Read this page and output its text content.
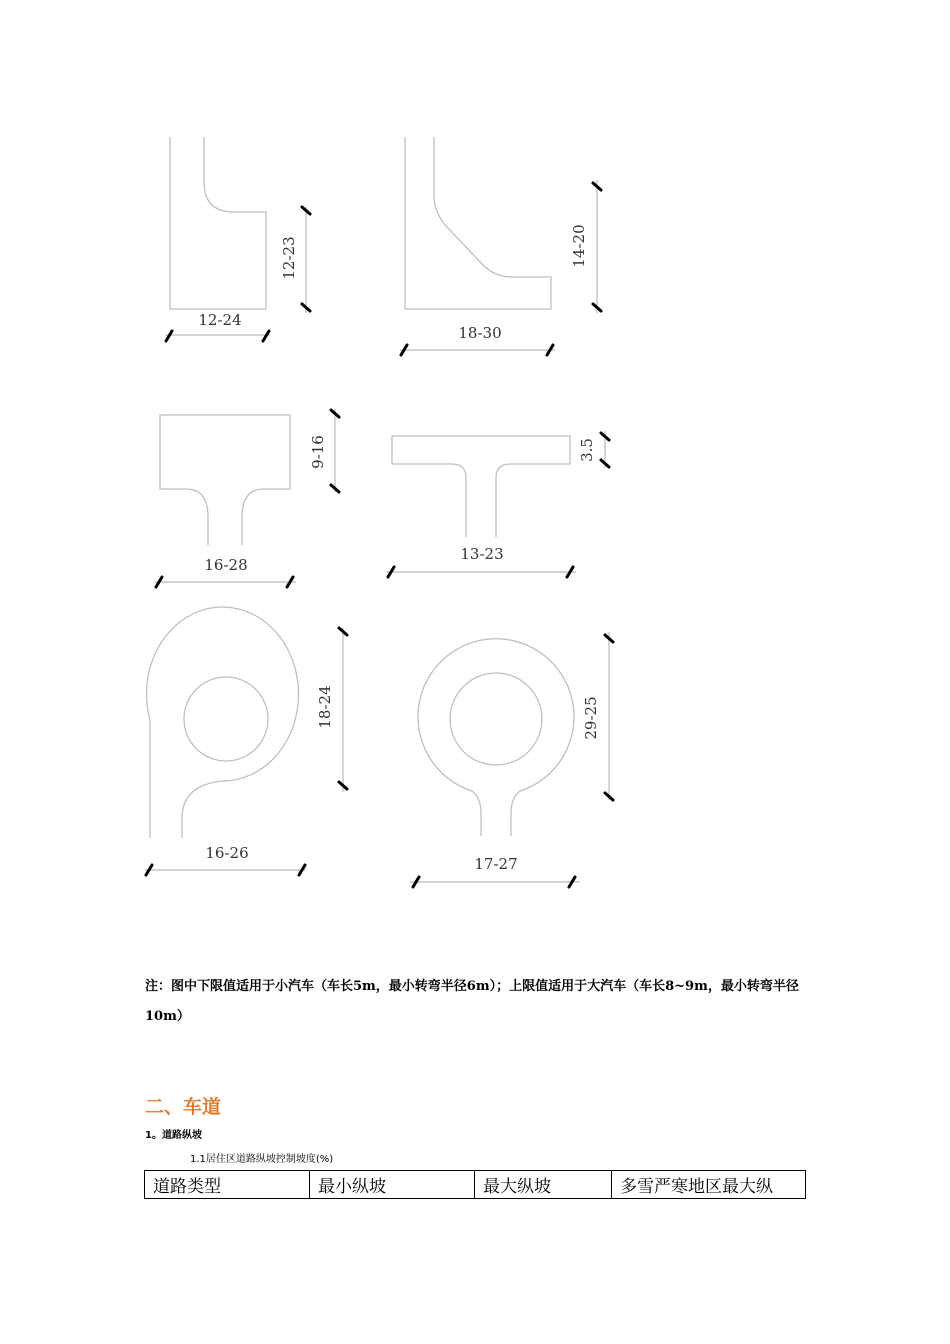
12-24
12-23
18-30
14-20
16-28
9-16
13-23
3.5
16-26
18-24
17-27
29-25

注：图中下限值适用于小汽车（车长5m，最小转弯半径6m）；上限值适用于大汽车（车长8~9m，最小转弯半径10m）

二、车道

1。道路纵坡

1.1居住区道路纵坡控制坡度(%)

道路类型	最小纵坡	最大纵坡	多雪严寒地区最大纵
